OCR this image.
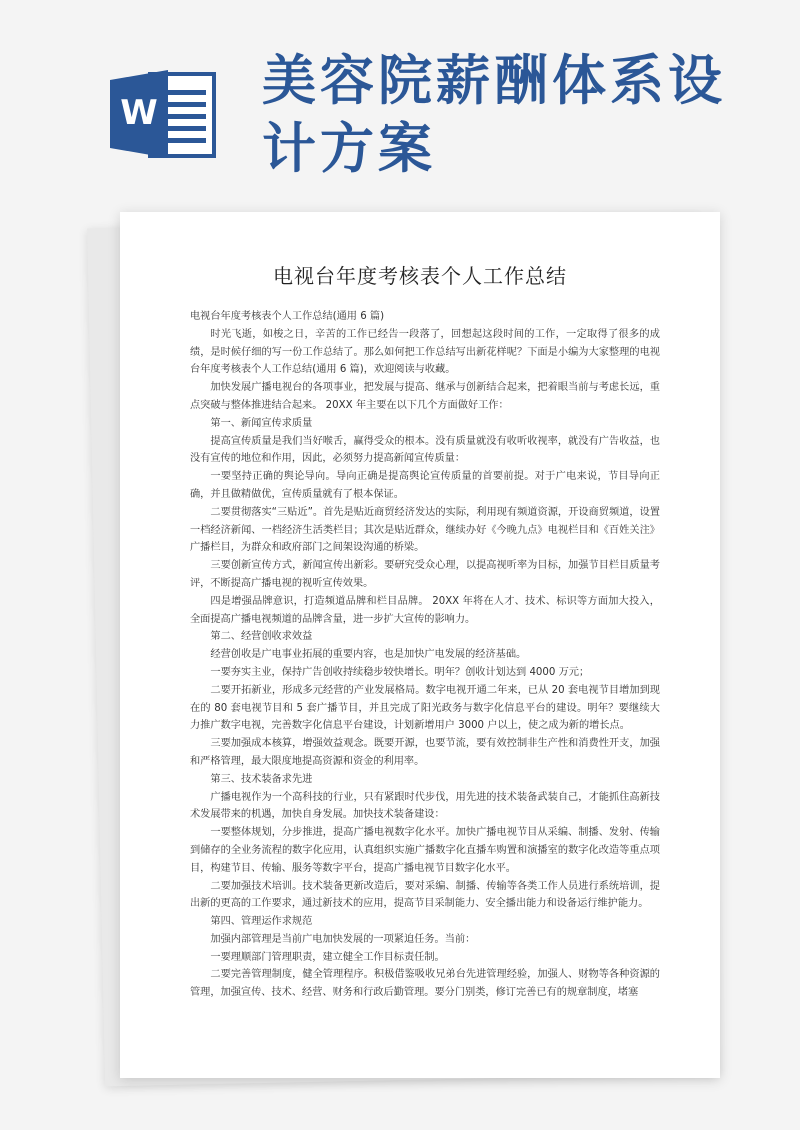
W
美容院薪酬体系设
计方案
电视台年度考核表个人工作总结

电视台年度考核表个人工作总结(通用 6 篇)

时光飞逝，如梭之日，辛苦的工作已经告一段落了，回想起这段时间的工作，一定取得了很多的成绩，是时候仔细的写一份工作总结了。那么如何把工作总结写出新花样呢？下面是小编为大家整理的电视台年度考核表个人工作总结(通用 6 篇)，欢迎阅读与收藏。

加快发展广播电视台的各项事业，把发展与提高、继承与创新结合起来，把着眼当前与考虑长远，重点突破与整体推进结合起来。 20XX 年主要在以下几个方面做好工作：

第一、新闻宣传求质量

提高宣传质量是我们当好喉舌，赢得受众的根本。没有质量就没有收听收视率，就没有广告收益，也没有宣传的地位和作用，因此，必须努力提高新闻宣传质量：

一要坚持正确的舆论导向。导向正确是提高舆论宣传质量的首要前提。对于广电来说，节目导向正确，并且做精做优，宣传质量就有了根本保证。

二要贯彻落实“三贴近”。首先是贴近商贸经济发达的实际，利用现有频道资源，开设商贸频道，设置一档经济新闻、一档经济生活类栏目；其次是贴近群众，继续办好《今晚九点》电视栏目和《百姓关注》广播栏目，为群众和政府部门之间架设沟通的桥梁。

三要创新宣传方式，新闻宣传出新彩。要研究受众心理，以提高视听率为目标，加强节目栏目质量考评，不断提高广播电视的视听宣传效果。

四是增强品牌意识，打造频道品牌和栏目品牌。 20XX 年将在人才、技术、标识等方面加大投入，全面提高广播电视频道的品牌含量，进一步扩大宣传的影响力。

第二、经营创收求效益

经营创收是广电事业拓展的重要内容，也是加快广电发展的经济基础。

一要夯实主业，保持广告创收持续稳步较快增长。明年？创收计划达到 4000 万元；

二要开拓新业，形成多元经营的产业发展格局。数字电视开通二年来，已从 20 套电视节目增加到现在的 80 套电视节目和 5 套广播节目，并且完成了阳光政务与数字化信息平台的建设。明年？要继续大力推广数字电视，完善数字化信息平台建设，计划新增用户 3000 户以上，使之成为新的增长点。

三要加强成本核算，增强效益观念。既要开源，也要节流，要有效控制非生产性和消费性开支，加强和严格管理，最大限度地提高资源和资金的利用率。

第三、技术装备求先进

广播电视作为一个高科技的行业，只有紧跟时代步伐，用先进的技术装备武装自己，才能抓住高新技术发展带来的机遇，加快自身发展。加快技术装备建设：

一要整体规划，分步推进，提高广播电视数字化水平。加快广播电视节目从采编、制播、发射、传输到储存的全业务流程的数字化应用，认真组织实施广播数字化直播车购置和演播室的数字化改造等重点项目，构建节目、传输、服务等数字平台，提高广播电视节目数字化水平。

二要加强技术培训。技术装备更新改造后，要对采编、制播、传输等各类工作人员进行系统培训，提出新的更高的工作要求，通过新技术的应用，提高节目采制能力、安全播出能力和设备运行维护能力。

第四、管理运作求规范

加强内部管理是当前广电加快发展的一项紧迫任务。当前：

一要理顺部门管理职责，建立健全工作目标责任制。

二要完善管理制度，健全管理程序。积极借鉴吸收兄弟台先进管理经验，加强人、财物等各种资源的管理，加强宣传、技术、经营、财务和行政后勤管理。要分门别类，修订完善已有的规章制度，堵塞
